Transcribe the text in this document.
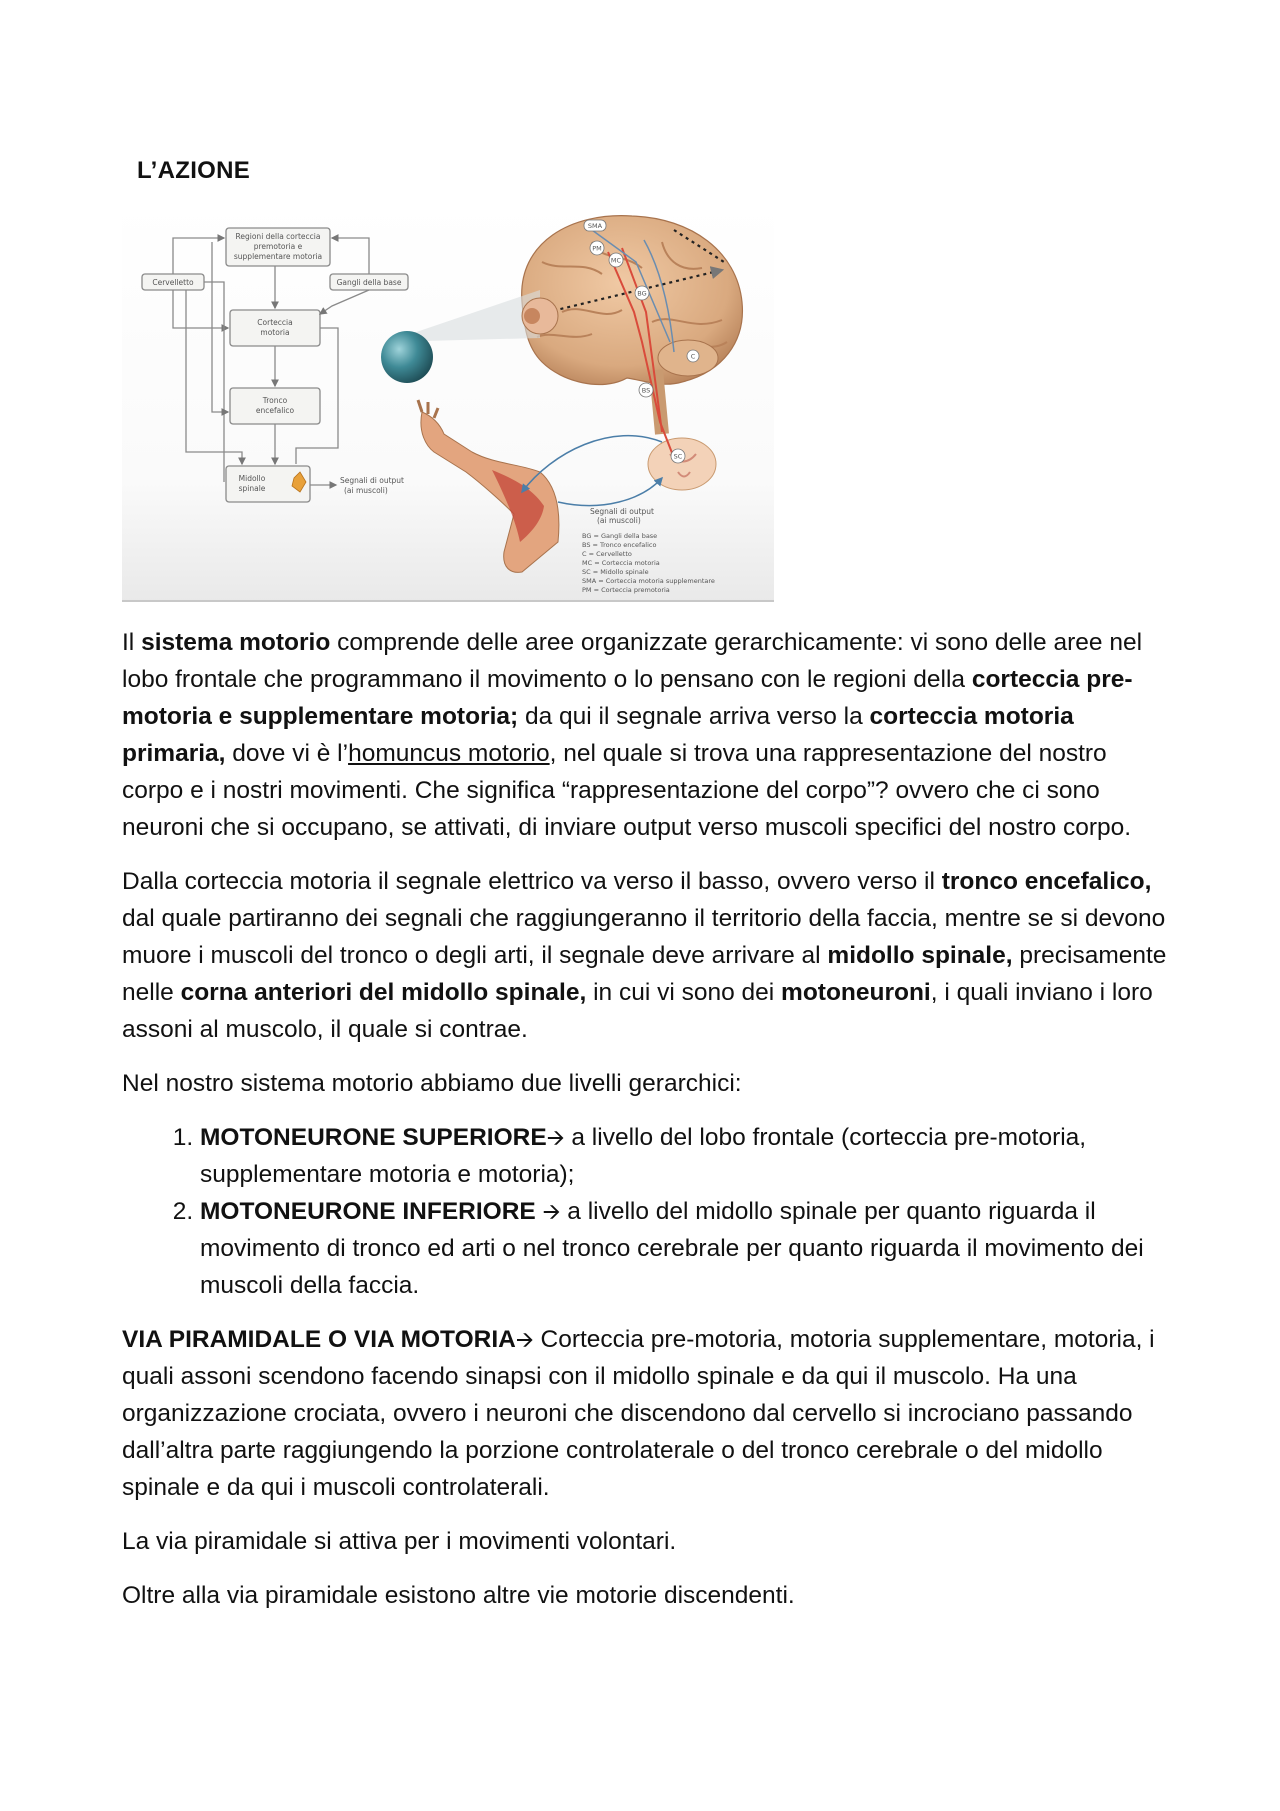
L’AZIONE
Regioni della corteccia
premotoria e
supplementare motoria
Cervelletto	Gangli della base
Corteccia
motoria
Tronco
encefalico
Midollo
spinale
Segnali di output
(ai muscoli)
SMA
PM
MC
BG
C
BS
SC
Segnali di output
(ai muscoli)
BG = Gangli della base
BS = Tronco encefalico
C = Cervelletto
MC = Corteccia motoria
SC = Midollo spinale
SMA = Corteccia motoria supplementare
PM = Corteccia premotoria

Il sistema motorio comprende delle aree organizzate gerarchicamente: vi sono delle aree nel lobo frontale che programmano il movimento o lo pensano con le regioni della corteccia pre-motoria e supplementare motoria; da qui il segnale arriva verso la corteccia motoria primaria, dove vi è l’homuncus motorio, nel quale si trova una rappresentazione del nostro corpo e i nostri movimenti. Che significa “rappresentazione del corpo”? ovvero che ci sono neuroni che si occupano, se attivati, di inviare output verso muscoli specifici del nostro corpo.

Dalla corteccia motoria il segnale elettrico va verso il basso, ovvero verso il tronco encefalico, dal quale partiranno dei segnali che raggiungeranno il territorio della faccia, mentre se si devono muore i muscoli del tronco o degli arti, il segnale deve arrivare al midollo spinale, precisamente nelle corna anteriori del midollo spinale, in cui vi sono dei motoneuroni, i quali inviano i loro assoni al muscolo, il quale si contrae.

Nel nostro sistema motorio abbiamo due livelli gerarchici:

1. MOTONEURONE SUPERIORE🡪 a livello del lobo frontale (corteccia pre-motoria, supplementare motoria e motoria);
2. MOTONEURONE INFERIORE 🡪 a livello del midollo spinale per quanto riguarda il movimento di tronco ed arti o nel tronco cerebrale per quanto riguarda il movimento dei muscoli della faccia.

VIA PIRAMIDALE O VIA MOTORIA🡪 Corteccia pre-motoria, motoria supplementare, motoria, i quali assoni scendono facendo sinapsi con il midollo spinale e da qui il muscolo. Ha una organizzazione crociata, ovvero i neuroni che discendono dal cervello si incrociano passando dall’altra parte raggiungendo la porzione controlaterale o del tronco cerebrale o del midollo spinale e da qui i muscoli controlaterali.

La via piramidale si attiva per i movimenti volontari.

Oltre alla via piramidale esistono altre vie motorie discendenti.
